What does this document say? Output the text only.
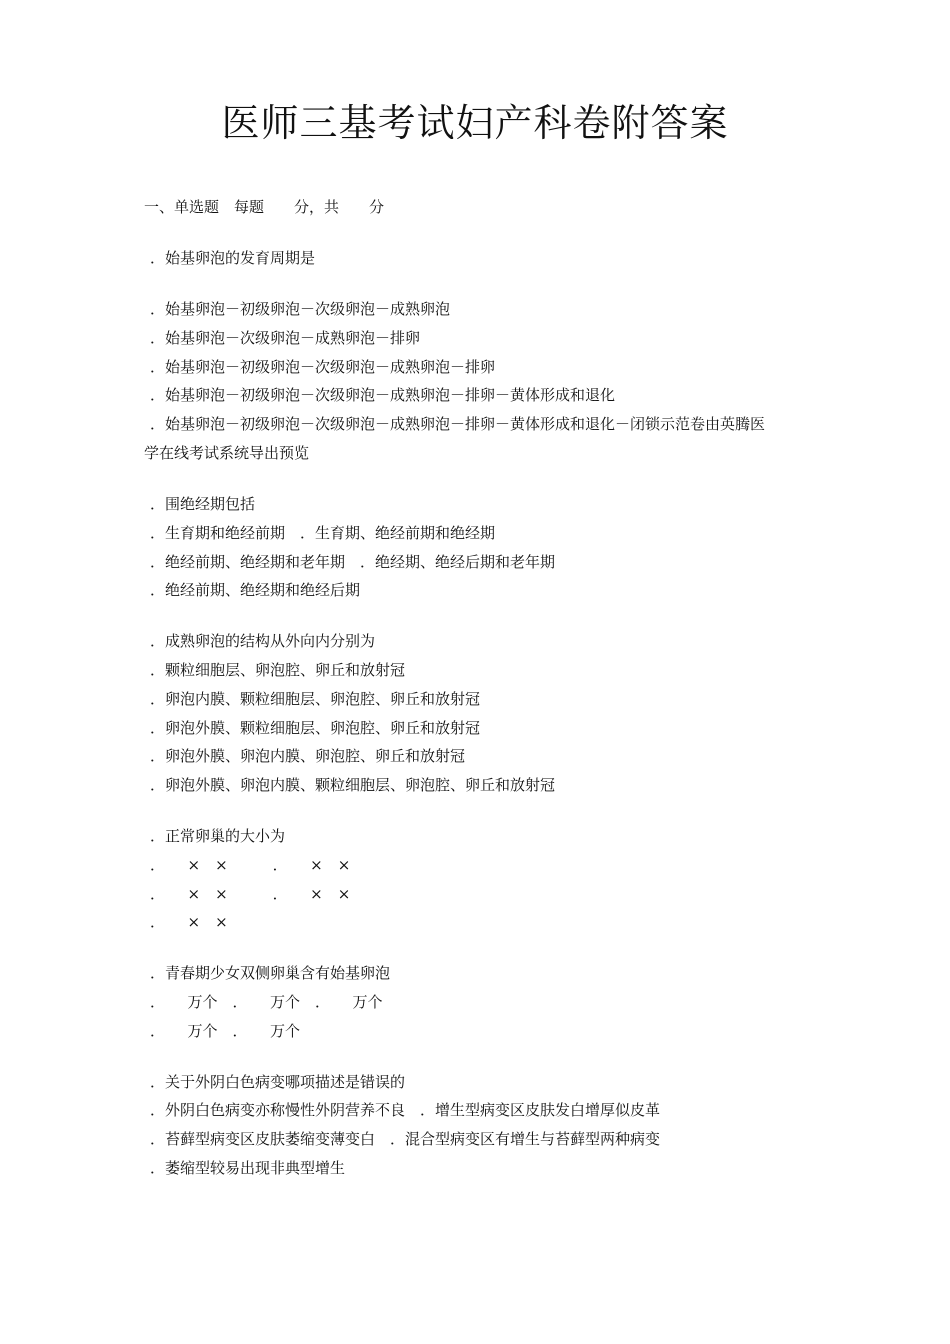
医师三基考试妇产科卷附答案
一、单选题　每题　　分，共　　分
．始基卵泡的发育周期是
．始基卵泡－初级卵泡－次级卵泡－成熟卵泡
．始基卵泡－次级卵泡－成熟卵泡－排卵
．始基卵泡－初级卵泡－次级卵泡－成熟卵泡－排卵
．始基卵泡－初级卵泡－次级卵泡－成熟卵泡－排卵－黄体形成和退化
．始基卵泡－初级卵泡－次级卵泡－成熟卵泡－排卵－黄体形成和退化－闭锁示范卷由英腾医
学在线考试系统导出预览
．围绝经期包括
．生育期和绝经前期　．生育期、绝经前期和绝经期
．绝经前期、绝经期和老年期　．绝经期、绝经后期和老年期
．绝经前期、绝经期和绝经后期
．成熟卵泡的结构从外向内分别为
．颗粒细胞层、卵泡腔、卵丘和放射冠
．卵泡内膜、颗粒细胞层、卵泡腔、卵丘和放射冠
．卵泡外膜、颗粒细胞层、卵泡腔、卵丘和放射冠
．卵泡外膜、卵泡内膜、卵泡腔、卵丘和放射冠
．卵泡外膜、卵泡内膜、颗粒细胞层、卵泡腔、卵丘和放射冠
．正常卵巢的大小为
．　　×　×　　　．　　×　×
．　　×　×　　　．　　×　×
．　　×　×
．青春期少女双侧卵巢含有始基卵泡
．　　万个　．　　万个　．　　万个
．　　万个　．　　万个
．关于外阴白色病变哪项描述是错误的
．外阴白色病变亦称慢性外阴营养不良　．增生型病变区皮肤发白增厚似皮革
．苔藓型病变区皮肤萎缩变薄变白　．混合型病变区有增生与苔藓型两种病变
．萎缩型较易出现非典型增生
